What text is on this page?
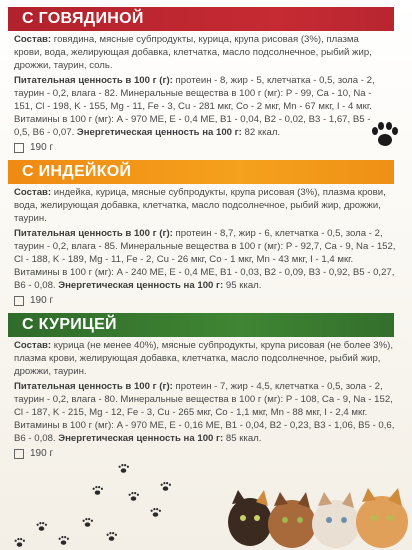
С ГОВЯДИНОЙ

Состав: говядина, мясные субпродукты, курица, крупа рисовая (3%), плазма крови, вода, желирующая добавка, клетчатка, масло подсолнечное, рыбий жир, дрожжи, таурин, соль.

Питательная ценность в 100 г (г): протеин - 8, жир - 5, клетчатка - 0,5, зола - 2, таурин - 0,2, влага - 82. Минеральные вещества в 100 г (мг): P - 99, Ca - 10, Na - 151, Cl - 198, K - 155, Mg - 11, Fe - 3, Cu - 281 мкг, Co - 2 мкг, Mn - 67 мкг, I - 4 мкг. Витамины в 100 г (мг): A - 970 МЕ, E - 0,4 МЕ, B1 - 0,04, B2 - 0,02, B3 - 1,67, B5 - 0,5, B6 - 0,07. Энергетическая ценность на 100 г: 82 ккал.

190 г
С ИНДЕЙКОЙ

Состав: индейка, курица, мясные субпродукты, крупа рисовая (3%), плазма крови, вода, желирующая добавка, клетчатка, масло подсолнечное, рыбий жир, дрожжи, таурин.

Питательная ценность в 100 г (г): протеин - 8,7, жир - 6, клетчатка - 0,5, зола - 2, таурин - 0,2, влага - 85. Минеральные вещества в 100 г (мг): P - 92,7, Ca - 9, Na - 152, Cl - 188, K - 189, Mg - 11, Fe - 2, Cu - 26 мкг, Co - 1 мкг, Mn - 43 мкг, I - 1,4 мкг. Витамины в 100 г (мг): A - 240 МЕ, E - 0,4 МЕ, B1 - 0,03, B2 - 0,09, B3 - 0,92, B5 - 0,27, B6 - 0,08. Энергетическая ценность на 100 г: 95 ккал.

190 г
С КУРИЦЕЙ

Состав: курица (не менее 40%), мясные субпродукты, крупа рисовая (не более 3%), плазма крови, желирующая добавка, клетчатка, масло подсолнечное, рыбий жир, дрожжи, таурин.

Питательная ценность в 100 г (г): протеин - 7, жир - 4,5, клетчатка - 0,5, зола - 2, таурин - 0,2, влага - 80. Минеральные вещества в 100 г (мг): P - 108, Ca - 9, Na - 152, Cl - 187, K - 215, Mg - 12, Fe - 3, Cu - 265 мкг, Co - 1,1 мкг, Mn - 88 мкг, I - 2,4 мкг. Витамины в 100 г (мг): A - 970 МЕ, E - 0,16 МЕ, B1 - 0,04, B2 - 0,23, B3 - 1,06, B5 - 0,6, B6 - 0,08. Энергетическая ценность на 100 г: 85 ккал.

190 г
